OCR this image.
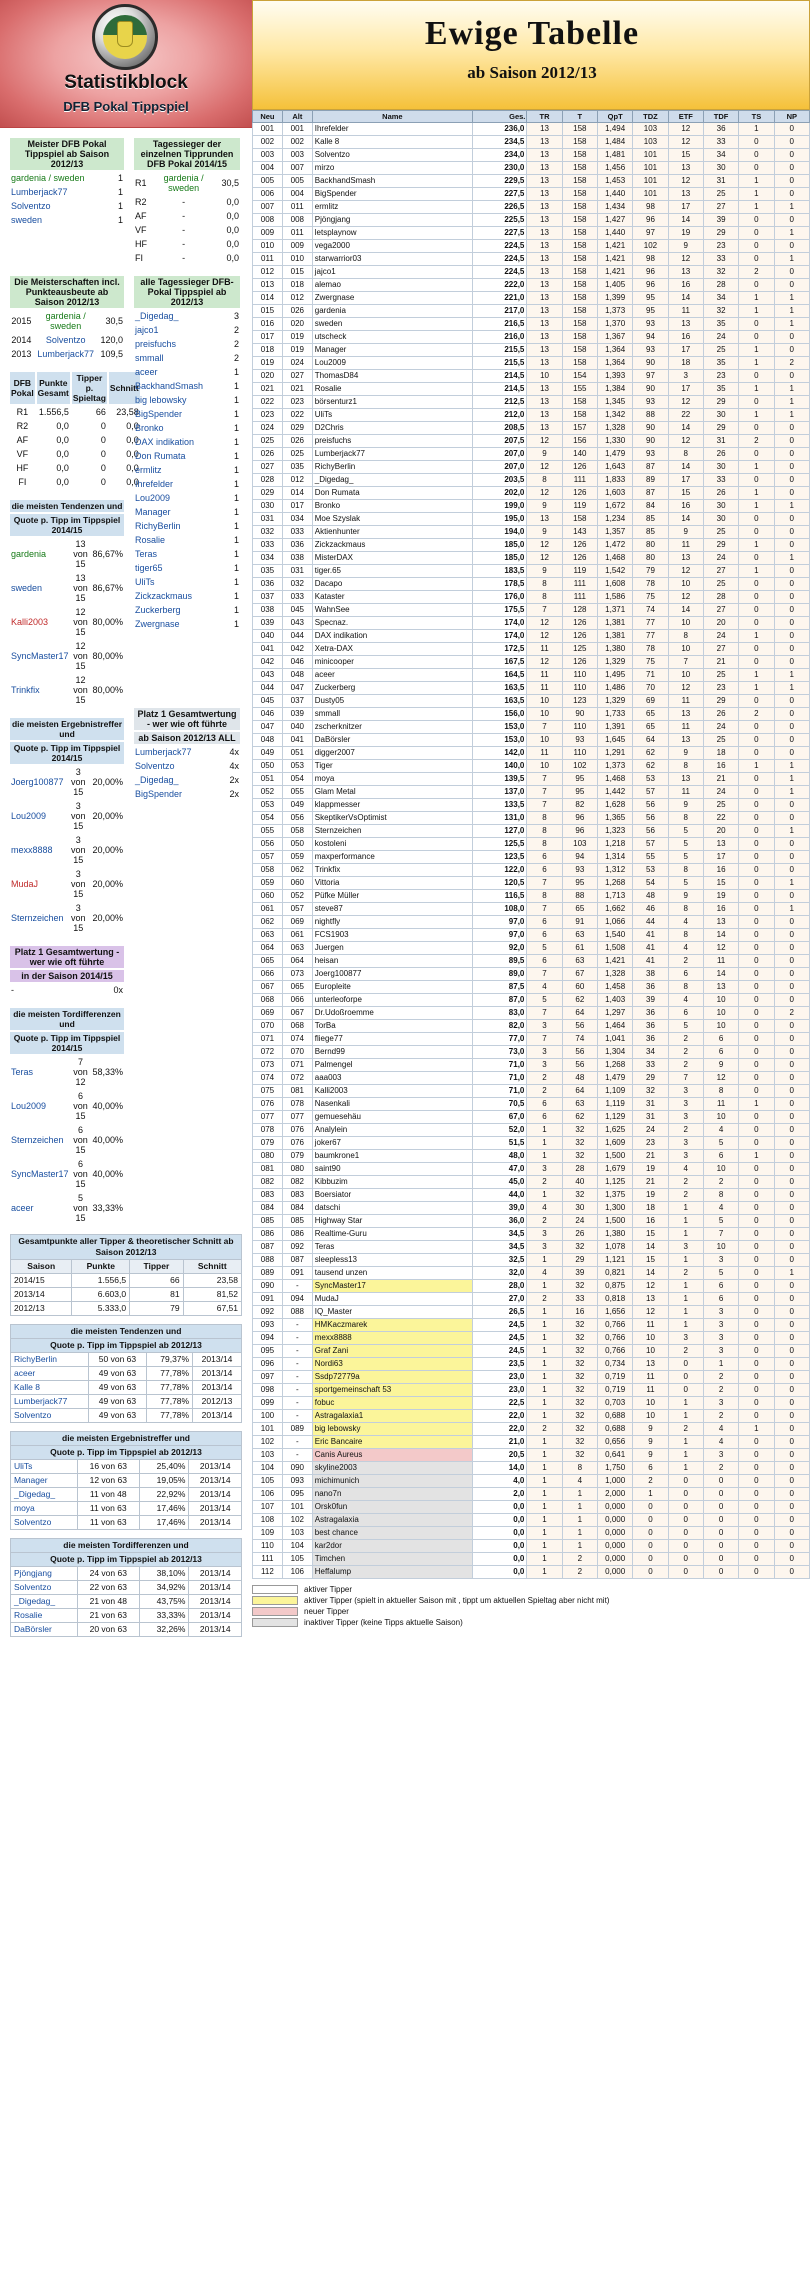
Statistikblock
DFB Pokal Tippspiel
Meister DFB Pokal Tippspiel ab Saison 2012/13	
gardenia / sweden	1
Lumberjack77	1
Solventzo	1
sweden	1
Tagessieger der einzelnen Tipprunden DFB Pokal 2014/15		
R1	gardenia / sweden	30,5
R2	-	0,0
AF	-	0,0
VF	-	0,0
HF	-	0,0
FI	-	0,0
Die Meisterschaften incl. Punkteausbeute ab Saison 2012/13		
2015	gardenia / sweden	30,5
2014	Solventzo	120,0
2013	Lumberjack77	109,5
DFB Pokal	Punkte Gesamt	Tipper p. Spieltag	Schnitt
R1	1.556,5	66	23,58
R2	0,0	0	0,0
AF	0,0	0	0,0
VF	0,0	0	0,0
HF	0,0	0	0,0
FI	0,0	0	0,0
die meisten Tendenzen und		
Quote p. Tipp im Tippspiel 2014/15		
gardenia	13 von 15	86,67%
sweden	13 von 15	86,67%
Kalli2003	12 von 15	80,00%
SyncMaster17	12 von 15	80,00%
Trinkfix	12 von 15	80,00%
die meisten Ergebnistreffer und		
Quote p. Tipp im Tippspiel 2014/15		
Joerg100877	3 von 15	20,00%
Lou2009	3 von 15	20,00%
mexx8888	3 von 15	20,00%
MudaJ	3 von 15	20,00%
Sternzeichen	3 von 15	20,00%
Platz 1 Gesamtwertung - wer wie oft führte
in der Saison 2014/15
-	0x
die meisten Tordifferenzen und		
Quote p. Tipp im Tippspiel 2014/15		
Teras	7 von 12	58,33%
Lou2009	6 von 15	40,00%
Sternzeichen	6 von 15	40,00%
SyncMaster17	6 von 15	40,00%
aceer	5 von 15	33,33%
alle Tagessieger DFB-Pokal Tippspiel ab 2012/13	
_Digedag_	3
jajco1	2
preisfuchs	2
smmall	2
aceer	1
BackhandSmash	1
big lebowsky	1
BigSpender	1
Bronko	1
DAX indikation	1
Don Rumata	1
ermlitz	1
Ihrefelder	1
Lou2009	1
Manager	1
RichyBerlin	1
Rosalie	1
Teras	1
tiger65	1
UliTs	1
Zickzackmaus	1
Zuckerberg	1
Zwergnase	1
Platz 1 Gesamtwertung - wer wie oft führte	
ab Saison 2012/13 ALL	
Lumberjack77	4x
Solventzo	4x
_Digedag_	2x
BigSpender	2x
Gesamtpunkte aller Tipper & theoretischer Schnitt ab Saison 2012/13			
Saison	Punkte	Tipper	Schnitt
2014/15	1.556,5	66	23,58
2013/14	6.603,0	81	81,52
2012/13	5.333,0	79	67,51
die meisten Tendenzen und			
Quote p. Tipp im Tippspiel ab 2012/13			
RichyBerlin	50 von 63	79,37%	2013/14
aceer	49 von 63	77,78%	2013/14
Kalle 8	49 von 63	77,78%	2013/14
Lumberjack77	49 von 63	77,78%	2012/13
Solventzo	49 von 63	77,78%	2013/14
die meisten Ergebnistreffer und			
Quote p. Tipp im Tippspiel ab 2012/13			
UliTs	16 von 63	25,40%	2013/14
Manager	12 von 63	19,05%	2013/14
_Digedag_	11 von 48	22,92%	2013/14
moya	11 von 63	17,46%	2013/14
Solventzo	11 von 63	17,46%	2013/14
die meisten Tordifferenzen und			
Quote p. Tipp im Tippspiel ab 2012/13			
Pjöngjang	24 von 63	38,10%	2013/14
Solventzo	22 von 63	34,92%	2013/14
_Digedag_	21 von 48	43,75%	2013/14
Rosalie	21 von 63	33,33%	2013/14
DaBörsler	20 von 63	32,26%	2013/14
Ewige Tabelle
ab Saison 2012/13
Neu	Alt	Name	Ges.	TR	T	QpT	TDZ	ETF	TDF	TS	NP
001	001	Ihrefelder	236,0	13	158	1,494	103	12	36	1	0
002	002	Kalle 8	234,5	13	158	1,484	103	12	33	0	0
003	003	Solventzo	234,0	13	158	1,481	101	15	34	0	0
004	007	mirzo	230,0	13	158	1,456	101	13	30	0	0
005	005	BackhandSmash	229,5	13	158	1,453	101	12	31	1	0
006	004	BigSpender	227,5	13	158	1,440	101	13	25	1	0
007	011	ermlitz	226,5	13	158	1,434	98	17	27	1	1
008	008	Pjöngjang	225,5	13	158	1,427	96	14	39	0	0
009	011	letsplaynow	227,5	13	158	1,440	97	19	29	0	1
010	009	vega2000	224,5	13	158	1,421	102	9	23	0	0
011	010	starwarrior03	224,5	13	158	1,421	98	12	33	0	1
012	015	jajco1	224,5	13	158	1,421	96	13	32	2	0
013	018	alemao	222,0	13	158	1,405	96	16	28	0	0
014	012	Zwergnase	221,0	13	158	1,399	95	14	34	1	1
015	026	gardenia	217,0	13	158	1,373	95	11	32	1	1
016	020	sweden	216,5	13	158	1,370	93	13	35	0	1
017	019	utscheck	216,0	13	158	1,367	94	16	24	0	0
018	019	Manager	215,5	13	158	1,364	93	17	25	1	0
019	024	Lou2009	215,5	13	158	1,364	90	18	35	1	2
020	027	ThomasD84	214,5	10	154	1,393	97	3	23	0	0
021	021	Rosalie	214,5	13	155	1,384	90	17	35	1	1
022	023	börsenturz1	212,5	13	158	1,345	93	12	29	0	1
023	022	UliTs	212,0	13	158	1,342	88	22	30	1	1
024	029	D2Chris	208,5	13	157	1,328	90	14	29	0	0
025	026	preisfuchs	207,5	12	156	1,330	90	12	31	2	0
026	025	Lumberjack77	207,0	9	140	1,479	93	8	26	0	0
027	035	RichyBerlin	207,0	12	126	1,643	87	14	30	1	0
028	012	_Digedag_	203,5	8	111	1,833	89	17	33	0	0
029	014	Don Rumata	202,0	12	126	1,603	87	15	26	1	0
030	017	Bronko	199,0	9	119	1,672	84	16	30	1	1
031	034	Moe Szyslak	195,0	13	158	1,234	85	14	30	0	0
032	033	Aktienhunter	194,0	9	143	1,357	85	9	25	0	0
033	036	Zickzackmaus	185,0	12	126	1,472	80	11	29	1	0
034	038	MisterDAX	185,0	12	126	1,468	80	13	24	0	1
035	031	tiger.65	183,5	9	119	1,542	79	12	27	1	0
036	032	Dacapo	178,5	8	111	1,608	78	10	25	0	0
037	033	Kataster	176,0	8	111	1,586	75	12	28	0	0
038	045	WahnSee	175,5	7	128	1,371	74	14	27	0	0
039	043	Specnaz.	174,0	12	126	1,381	77	10	20	0	0
040	044	DAX indikation	174,0	12	126	1,381	77	8	24	1	0
041	042	Xetra-DAX	172,5	11	125	1,380	78	10	27	0	0
042	046	minicooper	167,5	12	126	1,329	75	7	21	0	0
043	048	aceer	164,5	11	110	1,495	71	10	25	1	1
044	047	Zuckerberg	163,5	11	110	1,486	70	12	23	1	1
045	037	Dusty05	163,5	10	123	1,329	69	11	29	0	0
046	039	smmall	156,0	10	90	1,733	65	13	26	2	0
047	040	zscherknitzer	153,0	7	110	1,391	65	11	24	0	0
048	041	DaBörsler	153,0	10	93	1,645	64	13	25	0	0
049	051	digger2007	142,0	11	110	1,291	62	9	18	0	0
050	053	Tiger	140,0	10	102	1,373	62	8	16	1	1
051	054	moya	139,5	7	95	1,468	53	13	21	0	1
052	055	Glam Metal	137,0	7	95	1,442	57	11	24	0	1
053	049	klappmesser	133,5	7	82	1,628	56	9	25	0	0
054	056	SkeptikerVsOptimist	131,0	8	96	1,365	56	8	22	0	0
055	058	Sternzeichen	127,0	8	96	1,323	56	5	20	0	1
056	050	kostoleni	125,5	8	103	1,218	57	5	13	0	0
057	059	maxperformance	123,5	6	94	1,314	55	5	17	0	0
058	062	Trinkfix	122,0	6	93	1,312	53	8	16	0	0
059	060	Vittoria	120,5	7	95	1,268	54	5	15	0	1
060	052	Püfke Müller	116,5	8	88	1,713	48	9	19	0	0
061	057	steve87	108,0	7	65	1,662	46	8	16	0	1
062	069	nightfly	97,0	6	91	1,066	44	4	13	0	0
063	061	FCS1903	97,0	6	63	1,540	41	8	14	0	0
064	063	Juergen	92,0	5	61	1,508	41	4	12	0	0
065	064	heisan	89,5	6	63	1,421	41	2	11	0	0
066	073	Joerg100877	89,0	7	67	1,328	38	6	14	0	0
067	065	Europleite	87,5	4	60	1,458	36	8	13	0	0
068	066	unterleoforpe	87,0	5	62	1,403	39	4	10	0	0
069	067	Dr.Udoßroemme	83,0	7	64	1,297	36	6	10	0	2
070	068	TorBa	82,0	3	56	1,464	36	5	10	0	0
071	074	fliege77	77,0	7	74	1,041	36	2	6	0	0
072	070	Bernd99	73,0	3	56	1,304	34	2	6	0	0
073	071	Palmengel	71,0	3	56	1,268	33	2	9	0	0
074	072	aaa003	71,0	2	48	1,479	29	7	12	0	0
075	081	Kalli2003	71,0	2	64	1,109	32	3	8	0	0
076	078	Nasenkali	70,5	6	63	1,119	31	3	11	1	0
077	077	gemuesehäu	67,0	6	62	1,129	31	3	10	0	0
078	076	Analylein	52,0	1	32	1,625	24	2	4	0	0
079	076	joker67	51,5	1	32	1,609	23	3	5	0	0
080	079	baumkrone1	48,0	1	32	1,500	21	3	6	1	0
081	080	saint90	47,0	3	28	1,679	19	4	10	0	0
082	082	Kibbuzim	45,0	2	40	1,125	21	2	2	0	0
083	083	Boersiator	44,0	1	32	1,375	19	2	8	0	0
084	084	datschi	39,0	4	30	1,300	18	1	4	0	0
085	085	Highway Star	36,0	2	24	1,500	16	1	5	0	0
086	086	Realtime-Guru	34,5	3	26	1,380	15	1	7	0	0
087	092	Teras	34,5	3	32	1,078	14	3	10	0	0
088	087	sleepless13	32,5	1	29	1,121	15	1	3	0	0
089	091	tausend unzen	32,0	4	39	0,821	14	2	5	0	1
090	-	SyncMaster17	28,0	1	32	0,875	12	1	6	0	0
091	094	MudaJ	27,0	2	33	0,818	13	1	6	0	0
092	088	IQ_Master	26,5	1	16	1,656	12	1	3	0	0
093	-	HMKaczmarek	24,5	1	32	0,766	11	1	3	0	0
094	-	mexx8888	24,5	1	32	0,766	10	3	3	0	0
095	-	Graf Zani	24,5	1	32	0,766	10	2	3	0	0
096	-	Nordi63	23,5	1	32	0,734	13	0	1	0	0
097	-	Ssdp72779a	23,0	1	32	0,719	11	0	2	0	0
098	-	sportgemeinschaft 53	23,0	1	32	0,719	11	0	2	0	0
099	-	fobuc	22,5	1	32	0,703	10	1	3	0	0
100	-	Astragalaxia1	22,0	1	32	0,688	10	1	2	0	0
101	089	big lebowsky	22,0	2	32	0,688	9	2	4	1	0
102	-	Eric Bancaire	21,0	1	32	0,656	9	1	4	0	0
103	-	Canis Aureus	20,5	1	32	0,641	9	1	3	0	0
104	090	skyline2003	14,0	1	8	1,750	6	1	2	0	0
105	093	michimunich	4,0	1	4	1,000	2	0	0	0	0
106	095	nano7n	2,0	1	1	2,000	1	0	0	0	0
107	101	Orsk0fun	0,0	1	1	0,000	0	0	0	0	0
108	102	Astragalaxia	0,0	1	1	0,000	0	0	0	0	0
109	103	best chance	0,0	1	1	0,000	0	0	0	0	0
110	104	kar2dor	0,0	1	1	0,000	0	0	0	0	0
111	105	Timchen	0,0	1	2	0,000	0	0	0	0	0
112	106	Heffalump	0,0	1	2	0,000	0	0	0	0	0
aktiver Tipper
aktiver Tipper (spielt in aktueller Saison mit , tippt um aktuellen Spieltag aber nicht mit)
neuer Tipper
inaktiver Tipper (keine Tipps aktuelle Saison)
